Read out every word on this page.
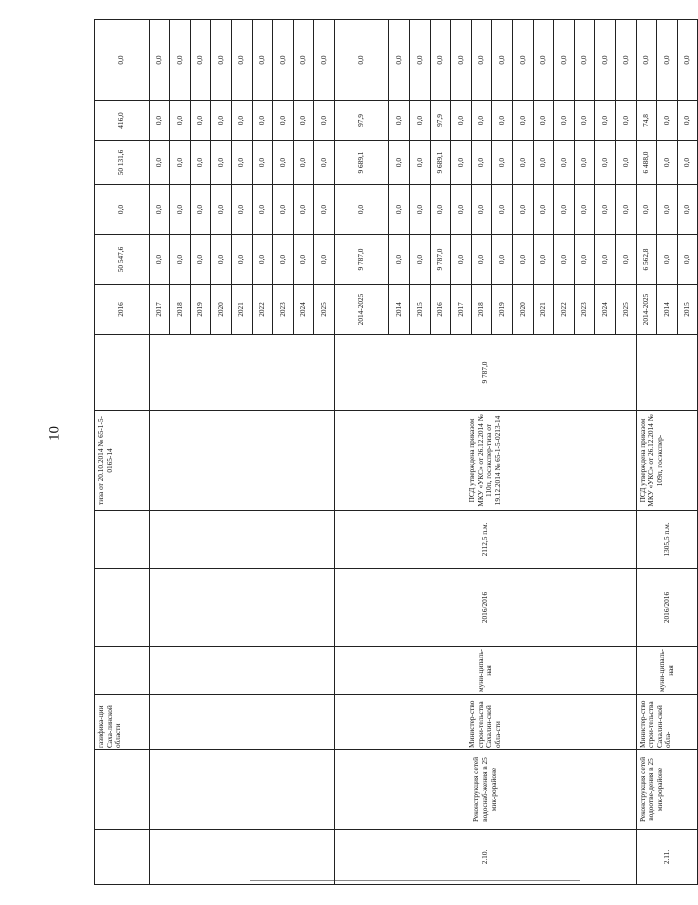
10
		газифика-ции Саха-линской области				тиза от 20.10.2014 № 65-1-5-0165-14		2016	50 547,6	0,0	50 131,6	416,0	0,0	
								2017	0,0	0,0	0,0	0,0	0,0	
								2018	0,0	0,0	0,0	0,0	0,0	
								2019	0,0	0,0	0,0	0,0	0,0	
								2020	0,0	0,0	0,0	0,0	0,0	
								2021	0,0	0,0	0,0	0,0	0,0	
								2022	0,0	0,0	0,0	0,0	0,0	
								2023	0,0	0,0	0,0	0,0	0,0	
								2024	0,0	0,0	0,0	0,0	0,0	
								2025	0,0	0,0	0,0	0,0	0,0	
2.10.	Реконструкция сетей водоснаб-жения в 25 мик-рорайоне	Министер-ство строи-тельства Сахалин-ской обла-сти	муни-ципаль-ная	2016/2016	2112,5 п.м.	ПСД утверждена приказом МКУ «УКС» от 26.12.2014 № 110п, госэкспер-тиза от 19.12.2014 № 65-1-5-0213-14	9 787,0	2014-2025	9 787,0	0,0	9 689,1	97,9	0,0	
								2014	0,0	0,0	0,0	0,0	0,0	
								2015	0,0	0,0	0,0	0,0	0,0	
								2016	9 787,0	0,0	9 689,1	97,9	0,0	
								2017	0,0	0,0	0,0	0,0	0,0	
								2018	0,0	0,0	0,0	0,0	0,0	
								2019	0,0	0,0	0,0	0,0	0,0	
								2020	0,0	0,0	0,0	0,0	0,0	
								2021	0,0	0,0	0,0	0,0	0,0	
								2022	0,0	0,0	0,0	0,0	0,0	
								2023	0,0	0,0	0,0	0,0	0,0	
								2024	0,0	0,0	0,0	0,0	0,0	
								2025	0,0	0,0	0,0	0,0	0,0	
2.11.	Реконструкция сетей водоотве-дения в 25 мик-рорайоне	Министер-ство строи-тельства Сахалин-ской обла-	муни-ципаль-ная	2016/2016	1305,5 п.м.	ПСД утверждена приказом МКУ «УКС» от 26.12.2014 № 109п, госэкспер-		2014-2025	6 562,8	0,0	6 488,0	74,8	0,0	
								2014	0,0	0,0	0,0	0,0	0,0	
								2015	0,0	0,0	0,0	0,0	0,0	
